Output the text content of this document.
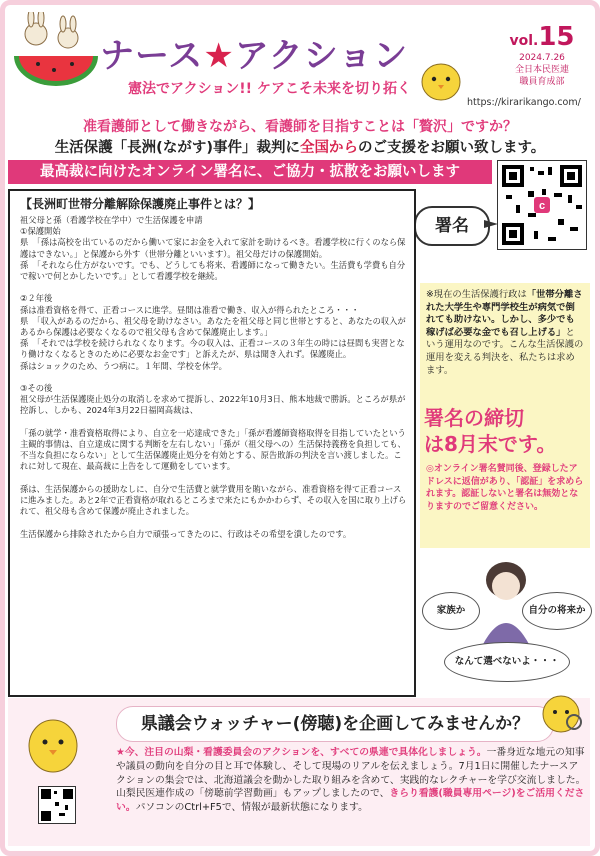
ナース★アクション
憲法でアクション!! ケアこそ未来を切り拓く
vol.15
2024.7.26
全日本民医連
職員育成部
https://kirarikango.com/
准看護師として働きながら、看護師を目指すことは「贅沢」ですか？
生活保護「長洲(ながす)事件」裁判に全国からのご支援をお願い致します。
最高裁に向けたオンライン署名に、ご協力・拡散をお願いします
c
署名
【長洲町世帯分離解除保護廃止事件とは？】
祖父母と孫（看護学校在学中）で生活保護を申請
①保護開始
県　「孫は高校を出ているのだから働いて家にお金を入れて家計を助けるべき。看護学校に行くのなら保護はできない。」と保護から外す（世帯分離といいます）。祖父母だけの保護開始。
孫　「それなら仕方がないです。でも、どうしても将来、看護師になって働きたい。生活費も学費も自分で稼いで何とかしたいです。」として看護学校を継続。

②２年後
孫は准看資格を得て、正看コースに進学。昼間は准看で働き、収入が得られたところ・・・
県　「収入があるのだから、祖父母を助けなさい。あなたを祖父母と同じ世帯とすると、あなたの収入があるから保護は必要なくなるので祖父母も含めて保護廃止します。」
孫　「それでは学校を続けられなくなります。今の収入は、正看コースの３年生の時には昼間も実習となり働けなくなるときのために必要なお金です」と訴えたが、県は聞き入れず。保護廃止。
孫はショックのため、うつ病に。１年間、学校を休学。

③その後
祖父母が生活保護廃止処分の取消しを求めて提訴し、2022年10月3日、熊本地裁で勝訴。ところが県が控訴し、しかも、2024年3月22日福岡高裁は、

「孫の就学・准看資格取得により、自立を一応達成できた」「孫が看護師資格取得を目指していたという主観的事情は、自立達成に関する判断を左右しない」「孫が（祖父母への）生活保持義務を負担しても、不当な負担にならない」として生活保護廃止処分を有効とする、原告敗訴の判決を言い渡しました。これに対して現在、最高裁に上告をして運動をしています。

孫は、生活保護からの援助なしに、自分で生活費と就学費用を賄いながら、准看資格を得て正看コースに進みました。あと2年で正看資格が取れるところまで来たにもかかわらず、その収入を国に取り上げられて、祖父母も含めて保護が廃止されました。

生活保護から排除されたから自力で頑張ってきたのに、行政はその希望を潰したのです。
※現在の生活保護行政は「世帯分離された大学生や専門学校生が病気で倒れても助けない。しかし、多少でも稼げば必要な金でも召し上げる」という運用なのです。こんな生活保護の運用を変える判決を、私たちは求めます。
署名の締切
は8月末です。
◎オンライン署名賛同後、登録したアドレスに返信があり、「認証」を求められます。認証しないと署名は無効となりますのでご留意ください。
家族か	自分の将来か
なんて選べないよ・・・
県議会ウォッチャー(傍聴)を企画してみませんか？
★今、注目の山梨・看護委員会のアクションを、すべての県連で具体化しましょう。一番身近な地元の知事や議員の動向を自分の目と耳で体験し、そして現場のリアルを伝えましょう。7月1日に開催したナースアクションの集会では、北海道議会を動かした取り組みを含めて、実践的なレクチャーを学び交流しました。山梨民医連作成の「傍聴前学習動画」もアップしましたので、きらり看護(職員専用ページ)をご活用ください。パソコンのCtrl+F5で、情報が最新状態になります。
